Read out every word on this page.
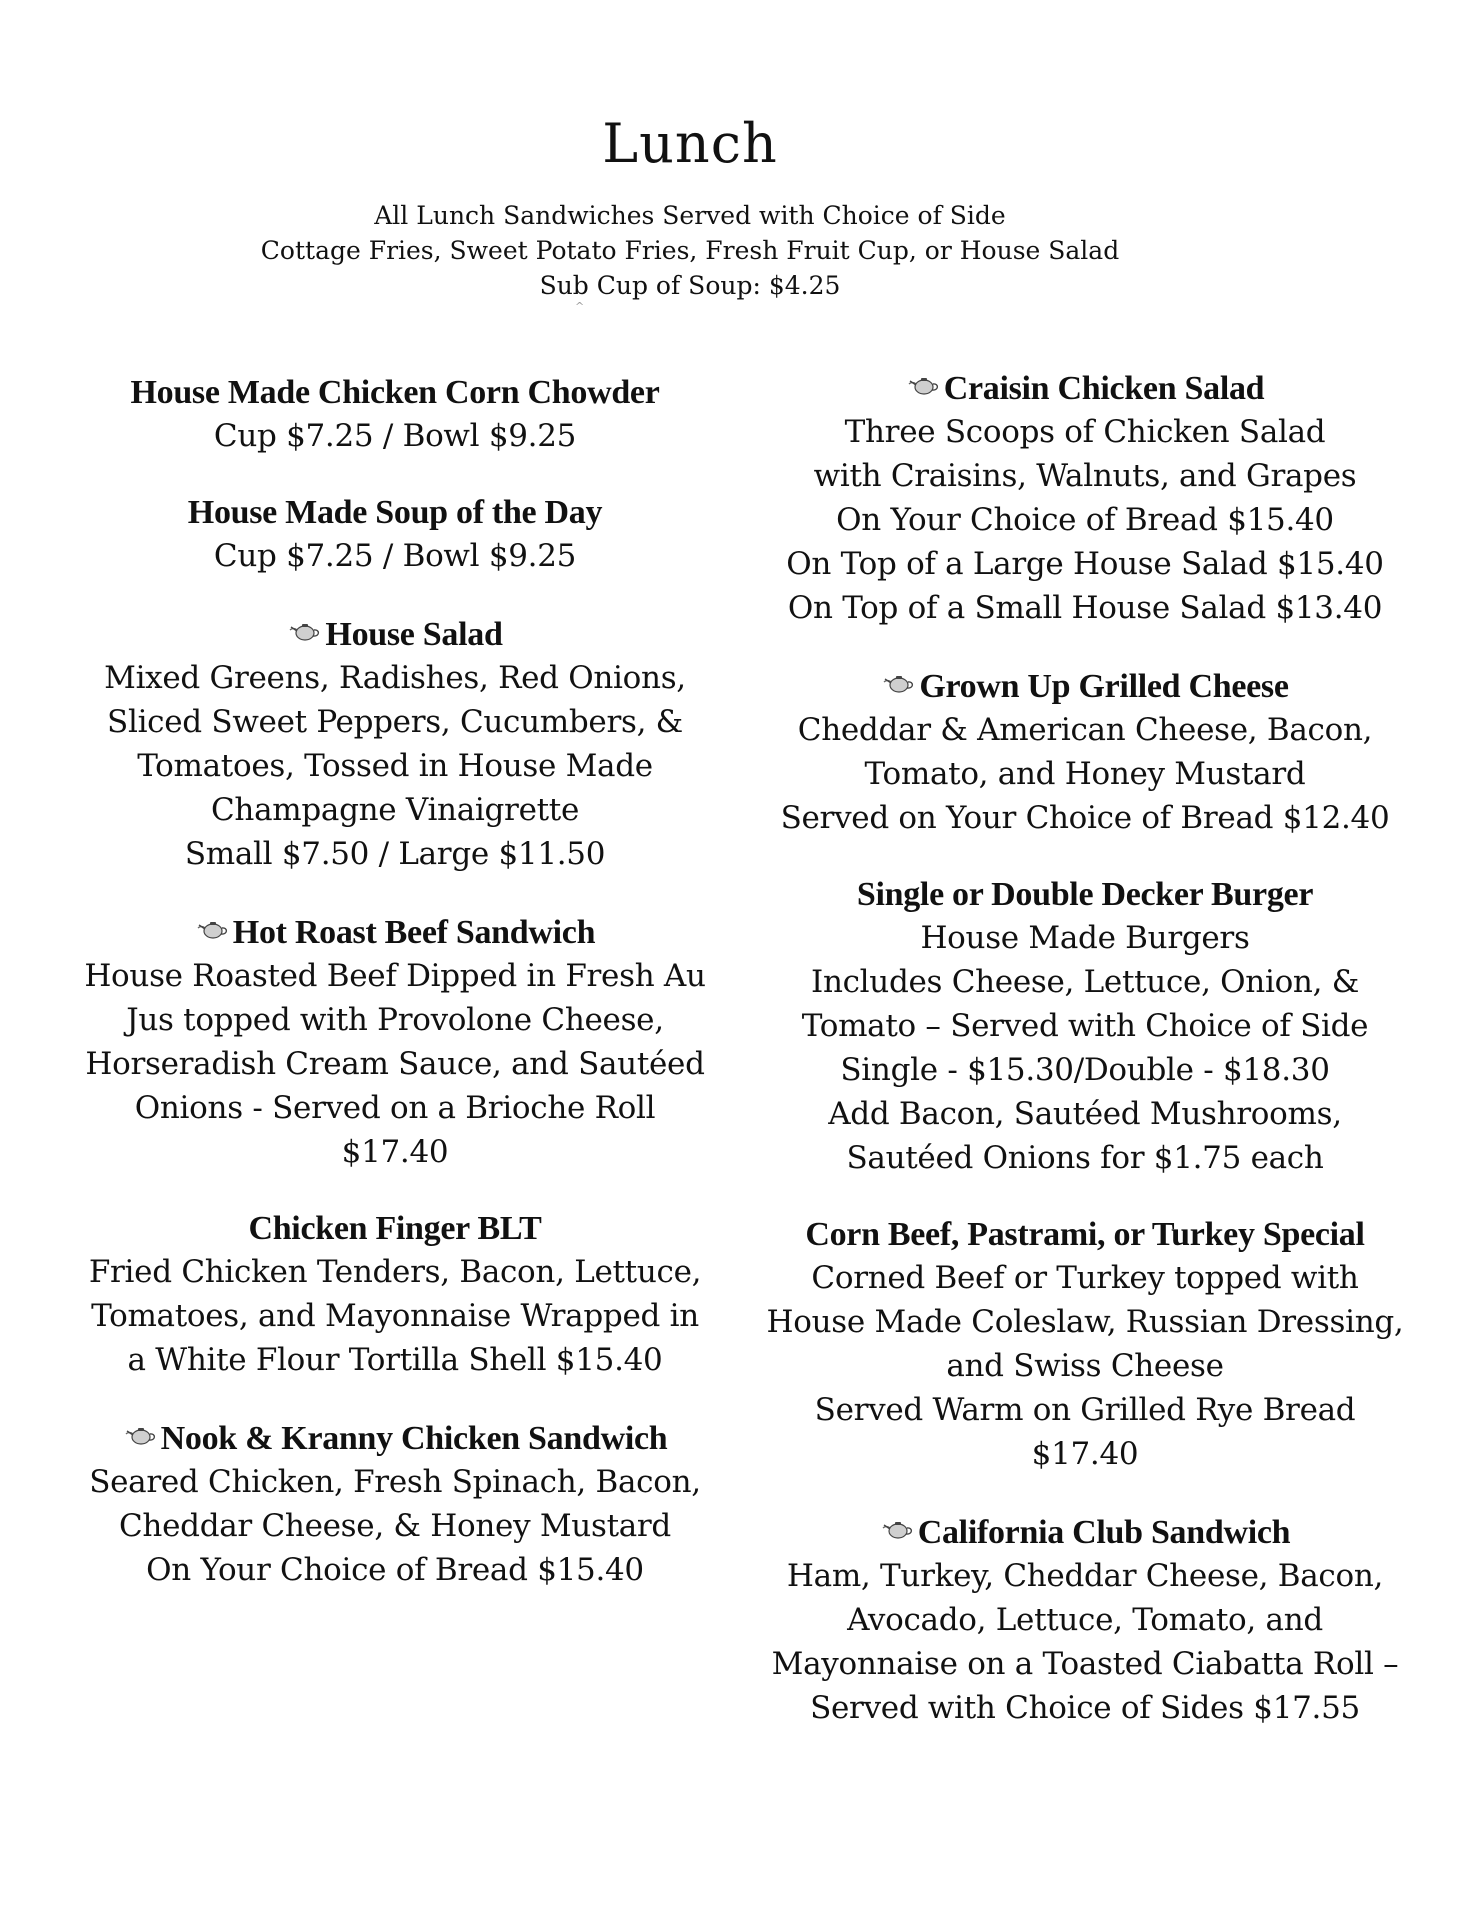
Lunch
All Lunch Sandwiches Served with Choice of Side
Cottage Fries, Sweet Potato Fries, Fresh Fruit Cup, or House Salad
Sub Cup of Soup: $4.25
^
House Made Chicken Corn Chowder
Cup $7.25 / Bowl $9.25
House Made Soup of the Day
Cup $7.25 / Bowl $9.25
House Salad
Mixed Greens, Radishes, Red Onions,
Sliced Sweet Peppers, Cucumbers, &
Tomatoes, Tossed in House Made
Champagne Vinaigrette
Small $7.50 / Large $11.50
Hot Roast Beef Sandwich
House Roasted Beef Dipped in Fresh Au
Jus topped with Provolone Cheese,
Horseradish Cream Sauce, and Sautéed
Onions - Served on a Brioche Roll
$17.40
Chicken Finger BLT
Fried Chicken Tenders, Bacon, Lettuce,
Tomatoes, and Mayonnaise Wrapped in
a White Flour Tortilla Shell $15.40
Nook & Kranny Chicken Sandwich
Seared Chicken, Fresh Spinach, Bacon,
Cheddar Cheese, & Honey Mustard
On Your Choice of Bread $15.40
Craisin Chicken Salad
Three Scoops of Chicken Salad
with Craisins, Walnuts, and Grapes
On Your Choice of Bread $15.40
On Top of a Large House Salad $15.40
On Top of a Small House Salad $13.40
Grown Up Grilled Cheese
Cheddar & American Cheese, Bacon,
Tomato, and Honey Mustard
Served on Your Choice of Bread $12.40
Single or Double Decker Burger
House Made Burgers
Includes Cheese, Lettuce, Onion, &
Tomato – Served with Choice of Side
Single - $15.30/Double - $18.30
Add Bacon, Sautéed Mushrooms,
Sautéed Onions for $1.75 each
Corn Beef, Pastrami, or Turkey Special
Corned Beef or Turkey topped with
House Made Coleslaw, Russian Dressing,
and Swiss Cheese
Served Warm on Grilled Rye Bread
$17.40
California Club Sandwich
Ham, Turkey, Cheddar Cheese, Bacon,
Avocado, Lettuce, Tomato, and
Mayonnaise on a Toasted Ciabatta Roll –
Served with Choice of Sides $17.55
